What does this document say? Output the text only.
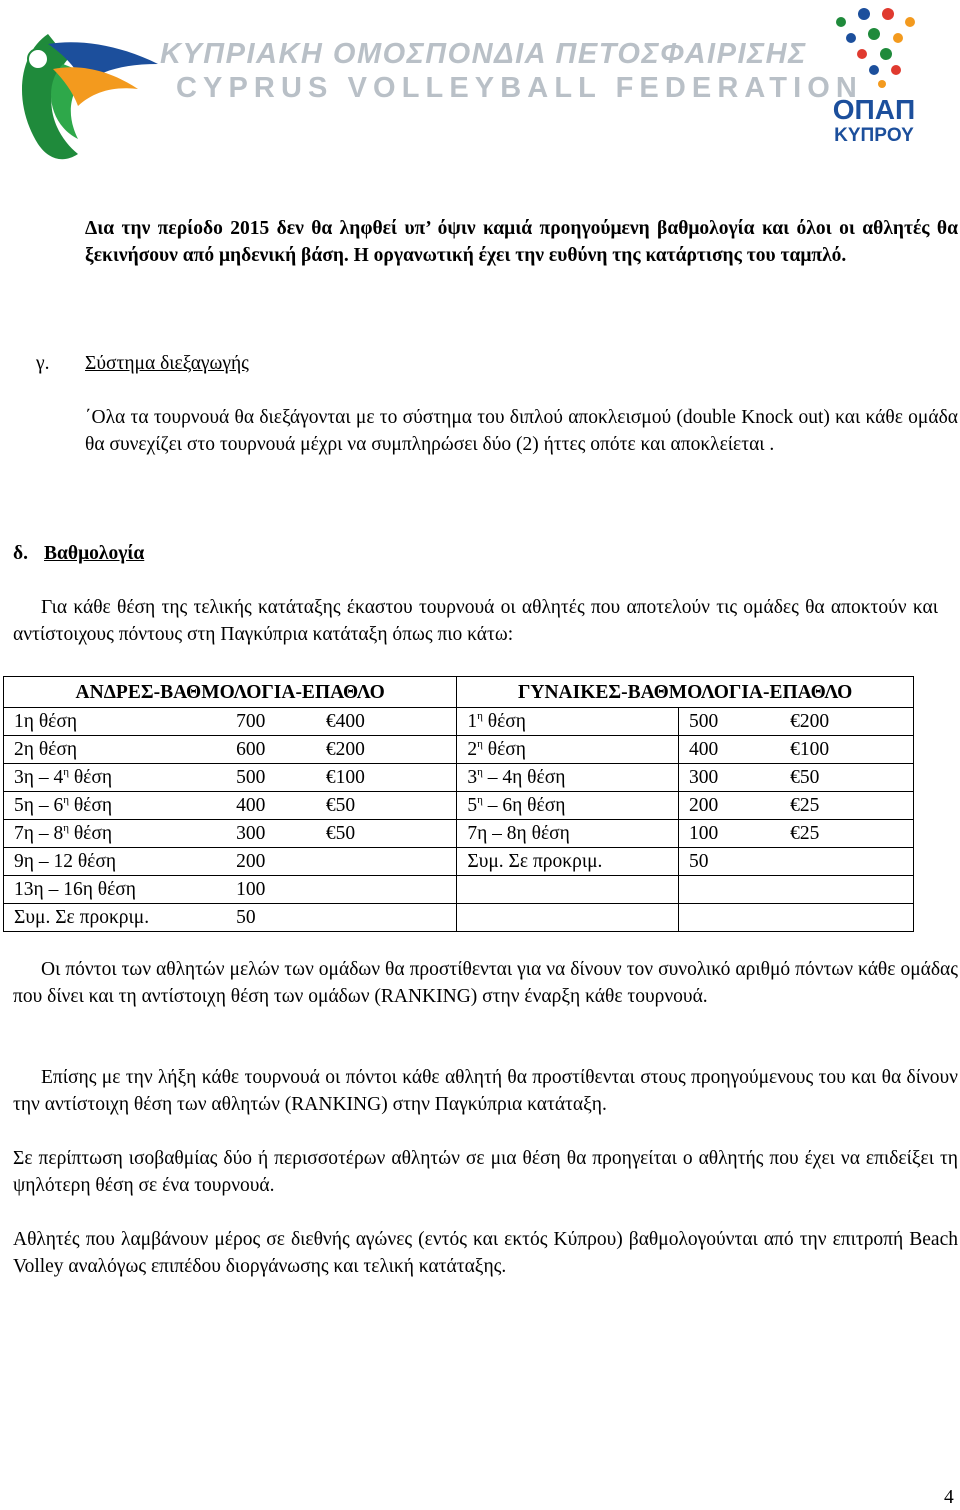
ΚΥΠΡΙΑΚΗ ΟΜΟΣΠΟΝΔΙΑ ΠΕΤΟΣΦΑΙΡΙΣΗΣ
CYPRUS VOLLEYBALL FEDERATION
ΟΠΑΠ
ΚΥΠΡΟΥ

Δια την περίοδο 2015 δεν θα ληφθεί υπ’ όψιν καμιά προηγούμενη βαθμολογία και όλοι οι αθλητές θα ξεκινήσουν από μηδενική βάση. Η οργανωτική έχει την ευθύνη της κατάρτισης του ταμπλό.

γ. Σύστημα διεξαγωγής

΄Ολα τα τουρνουά θα διεξάγονται με το σύστημα του διπλού αποκλεισμού (double Knock out) και κάθε ομάδα θα συνεχίζει στο τουρνουά μέχρι να συμπληρώσει δύο (2) ήττες οπότε και αποκλείεται .

δ. Βαθμολογία

Για κάθε θέση της τελικής κατάταξης έκαστου τουρνουά οι αθλητές που αποτελούν τις ομάδες θα αποκτούν και αντίστοιχους πόντους στη Παγκύπρια κατάταξη όπως πιο κάτω:

ΑΝΔΡΕΣ-ΒΑΘΜΟΛΟΓΙΑ-ΕΠΑΘΛΟ			ΓΥΝΑΙΚΕΣ-ΒΑΘΜΟΛΟΓΙΑ-ΕΠΑΘΛΟ		
1η θέση	700	€400	$1^\eta$ θέση	500	€200
2η θέση	600	€200	$2^\eta$ θέση	400	€100
$3\eta - 4^\eta$ θέση	500	€100	$3^\eta - 4\eta$ θέση	300	€50
$5\eta - 6^\eta$ θέση	400	€50	$5^\eta - 6\eta$ θέση	200	€25
$7\eta - 8^\eta$ θέση	300	€50	7η – 8η θέση	100	€25
9η – 12 θέση	200		Συμ. Σε προκριμ.	50	
13η – 16η θέση	100				
Συμ. Σε προκριμ.	50				

Οι πόντοι των αθλητών μελών των ομάδων θα προστίθενται για να δίνουν τον συνολικό αριθμό πόντων κάθε ομάδας που δίνει και τη αντίστοιχη θέση των ομάδων (RANKING) στην έναρξη κάθε τουρνουά.

Επίσης με την λήξη κάθε τουρνουά οι πόντοι κάθε αθλητή θα προστίθενται στους προηγούμενους του και θα δίνουν την αντίστοιχη θέση των αθλητών (RANKING) στην Παγκύπρια κατάταξη.

Σε περίπτωση ισοβαθμίας δύο ή περισσοτέρων αθλητών σε μια θέση θα προηγείται ο αθλητής που έχει να επιδείξει τη ψηλότερη θέση σε ένα τουρνουά.

Αθλητές που λαμβάνουν μέρος σε διεθνής αγώνες (εντός και εκτός Κύπρου) βαθμολογούνται από την επιτροπή Beach Volley αναλόγως επιπέδου διοργάνωσης και τελική κατάταξης.

4
